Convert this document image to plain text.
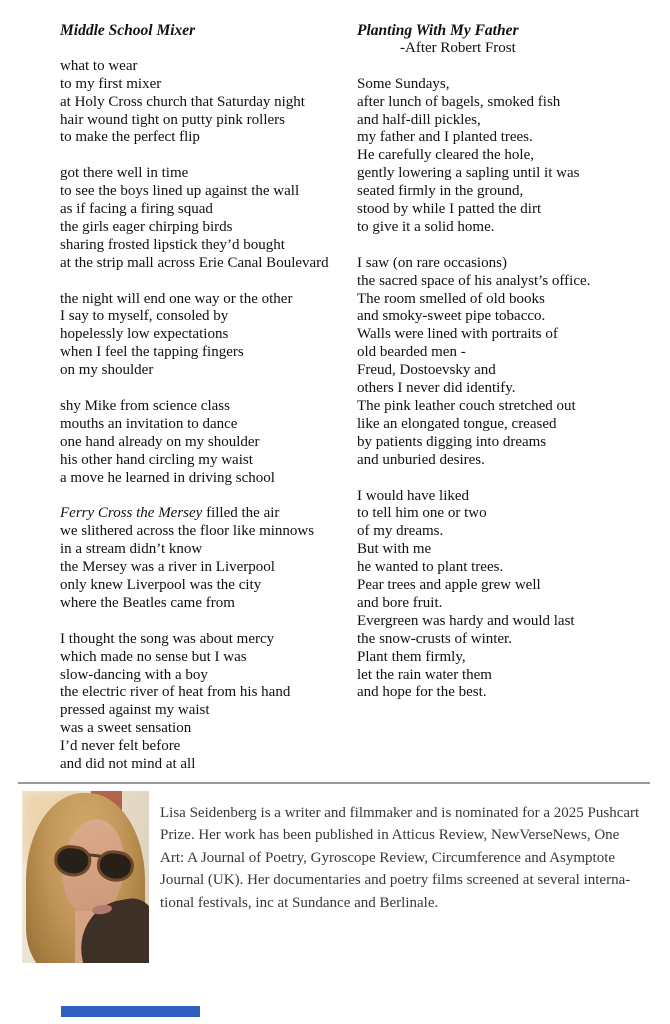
Middle School Mixer
what to wear
to my first mixer
at Holy Cross church that Saturday night
hair wound tight on putty pink rollers
to make the perfect flip
got there well in time
to see the boys lined up against the wall
as if facing a firing squad
the girls eager chirping birds
sharing frosted lipstick they’d bought
at the strip mall across Erie Canal Boulevard
the night will end one way or the other
I say to myself, consoled by
hopelessly low expectations
when I feel the tapping fingers
on my shoulder
shy Mike from science class
mouths an invitation to dance
one hand already on my shoulder
his other hand circling my waist
a move he learned in driving school
Ferry Cross the Mersey filled the air
we slithered across the floor like minnows
in a stream didn’t know
the Mersey was a river in Liverpool
only knew Liverpool was the city
where the Beatles came from
I thought the song was about mercy
which made no sense but I was
slow-dancing with a boy
the electric river of heat from his hand
pressed against my waist
was a sweet sensation
I’d never felt before
and did not mind at all
Planting With My Father
-After Robert Frost
Some Sundays,
after lunch of bagels, smoked fish
and half-dill pickles,
my father and I planted trees.
He carefully cleared the hole,
gently lowering a sapling until it was
seated firmly in the ground,
stood by while I patted the dirt
to give it a solid home.
I saw (on rare occasions)
the sacred space of his analyst’s office.
The room smelled of old books
and smoky-sweet pipe tobacco.
Walls were lined with portraits of
old bearded men -
Freud, Dostoevsky and
others I never did identify.
The pink leather couch stretched out
like an elongated tongue, creased
by patients digging into dreams
and unburied desires.
I would have liked
to tell him one or two
of my dreams.
But with me
he wanted to plant trees.
Pear trees and apple grew well
and bore fruit.
Evergreen was hardy and would last
the snow-crusts of winter.
Plant them firmly,
let the rain water them
and hope for the best.
Lisa Seidenberg is a writer and filmmaker and is nominated for a 2025 Pushcart
Prize. Her work has been published in Atticus Review, NewVerseNews, One
Art: A Journal of Poetry, Gyroscope Review, Circumference and Asymptote
Journal (UK). Her documentaries and poetry films screened at several interna-
tional festivals, inc at Sundance and Berlinale.
